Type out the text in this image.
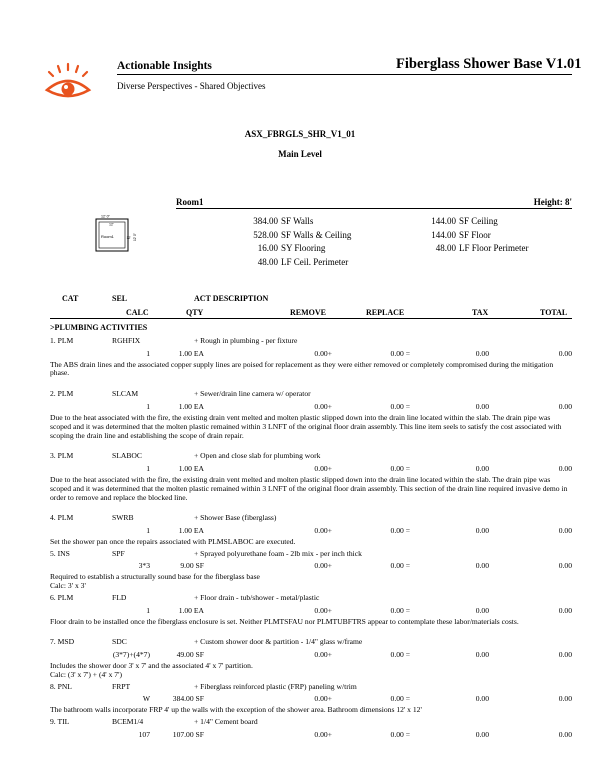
Actionable Insights
Diverse Perspectives - Shared Objectives
Fiberglass Shower Base V1.01
ASX_FBRGLS_SHR_V1_01
Main Level
12' 0"
12'
Room1	12' 12' 0"
Room1	Height: 8'
384.00 SF Walls
528.00 SF Walls & Ceiling
16.00 SY Flooring
48.00 LF Ceil. Perimeter
144.00 SF Ceiling
144.00 SF Floor
48.00 LF Floor Perimeter
CAT	SEL	ACT DESCRIPTION
CALC	QTY	REMOVE	REPLACE	TAX	TOTAL
>PLUMBING ACTIVITIES
1. PLM	RGHFIX	+ Rough in plumbing - per fixture
1	1.00 EA	0.00+	0.00 =	0.00	0.00
The ABS drain lines and the associated copper supply lines are poised for replacement as they were either removed or completely compromised during the mitigation phase.
2. PLM	SLCAM	+ Sewer/drain line camera w/ operator
1	1.00 EA	0.00+	0.00 =	0.00	0.00
Due to the heat associated with the fire, the existing drain vent melted and molten plastic slipped down into the drain line located within the slab. The drain pipe was scoped and it was determined that the molten plastic remained within 3 LNFT of the original floor drain assembly. This line item seels to satisfy the cost associated with scoping the drain line and establishing the scope of drain repair.
3. PLM	SLABOC	+ Open and close slab for plumbing work
1	1.00 EA	0.00+	0.00 =	0.00	0.00
Due to the heat associated with the fire, the existing drain vent melted and molten plastic slipped down into the drain line located within the slab. The drain pipe was scoped and it was determined that the molten plastic remained within 3 LNFT of the original floor drain assembly. This section of the drain line required invasive demo in order to remove and replace the blocked line.
4. PLM	SWRB	+ Shower Base (fiberglass)
1	1.00 EA	0.00+	0.00 =	0.00	0.00
Set the shower pan once the repairs associated with PLMSLABOC are executed.
5. INS	SPF	+ Sprayed polyurethane foam - 2lb mix - per inch thick
3*3	9.00 SF	0.00+	0.00 =	0.00	0.00
Required to establish a structurally sound base for the fiberglass base
Calc: 3' x 3'
6. PLM	FLD	+ Floor drain - tub/shower - metal/plastic
1	1.00 EA	0.00+	0.00 =	0.00	0.00
Floor drain to be installed once the fiberglass enclosure is set. Neither PLMTSFAU nor PLMTUBFTRS appear to contemplate these labor/materials costs.
7. MSD	SDC	+ Custom shower door & partition - 1/4" glass w/frame
(3*7)+(4*7)	49.00 SF	0.00+	0.00 =	0.00	0.00
Includes the shower door 3' x 7' and the associated 4' x 7' partition.
Calc: (3' x 7') + (4' x 7')
8. PNL	FRPT	+ Fiberglass reinforced plastic (FRP) paneling w/trim
W	384.00 SF	0.00+	0.00 =	0.00	0.00
The bathroom walls incorporate FRP 4' up the walls with the exception of the shower area. Bathroom dimensions 12' x 12'
9. TIL	BCEM1/4	+ 1/4" Cement board
107	107.00 SF	0.00+	0.00 =	0.00	0.00
